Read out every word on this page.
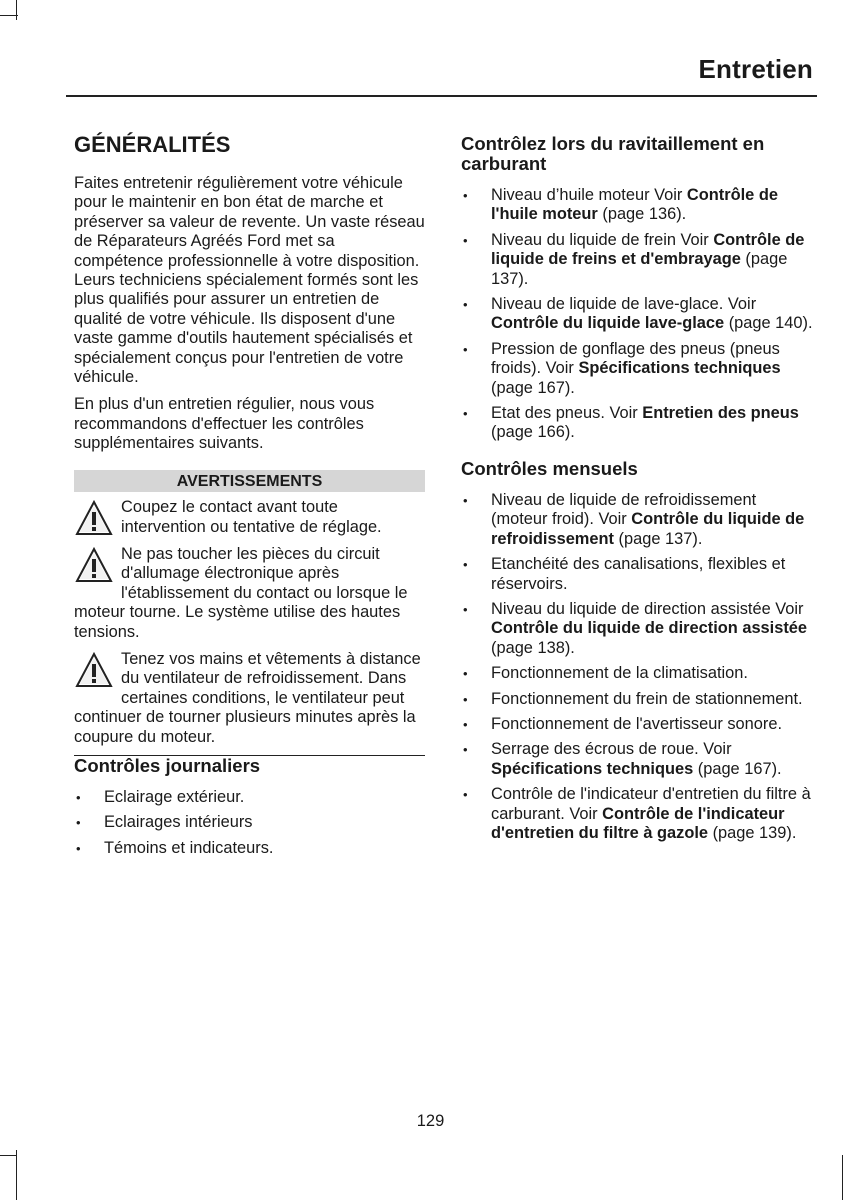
Entretien
GÉNÉRALITÉS

Faites entretenir régulièrement votre véhicule pour le maintenir en bon état de marche et préserver sa valeur de revente. Un vaste réseau de Réparateurs Agréés Ford met sa compétence professionnelle à votre disposition. Leurs techniciens spécialement formés sont les plus qualifiés pour assurer un entretien de qualité de votre véhicule. Ils disposent d'une vaste gamme d'outils hautement spécialisés et spécialement conçus pour l'entretien de votre véhicule.

En plus d'un entretien régulier, nous vous recommandons d'effectuer les contrôles supplémentaires suivants.

AVERTISSEMENTS
Coupez le contact avant toute intervention ou tentative de réglage.
Ne pas toucher les pièces du circuit d'allumage électronique après l'établissement du contact ou lorsque le moteur tourne. Le système utilise des hautes tensions.
Tenez vos mains et vêtements à distance du ventilateur de refroidissement. Dans certaines conditions, le ventilateur peut continuer de tourner plusieurs minutes après la coupure du moteur.
Contrôles journaliers
• Eclairage extérieur.
• Eclairages intérieurs
• Témoins et indicateurs.
Contrôlez lors du ravitaillement en carburant
• Niveau d’huile moteur Voir Contrôle de l'huile moteur (page 136).
• Niveau du liquide de frein Voir Contrôle de liquide de freins et d'embrayage (page 137).
• Niveau de liquide de lave-glace. Voir Contrôle du liquide lave-glace (page 140).
• Pression de gonflage des pneus (pneus froids). Voir Spécifications techniques (page 167).
• Etat des pneus. Voir Entretien des pneus (page 166).
Contrôles mensuels
• Niveau de liquide de refroidissement (moteur froid). Voir Contrôle du liquide de refroidissement (page 137).
• Etanchéité des canalisations, flexibles et réservoirs.
• Niveau du liquide de direction assistée Voir Contrôle du liquide de direction assistée (page 138).
• Fonctionnement de la climatisation.
• Fonctionnement du frein de stationnement.
• Fonctionnement de l'avertisseur sonore.
• Serrage des écrous de roue. Voir Spécifications techniques (page 167).
• Contrôle de l'indicateur d'entretien du filtre à carburant. Voir Contrôle de l'indicateur d'entretien du filtre à gazole (page 139).
129
